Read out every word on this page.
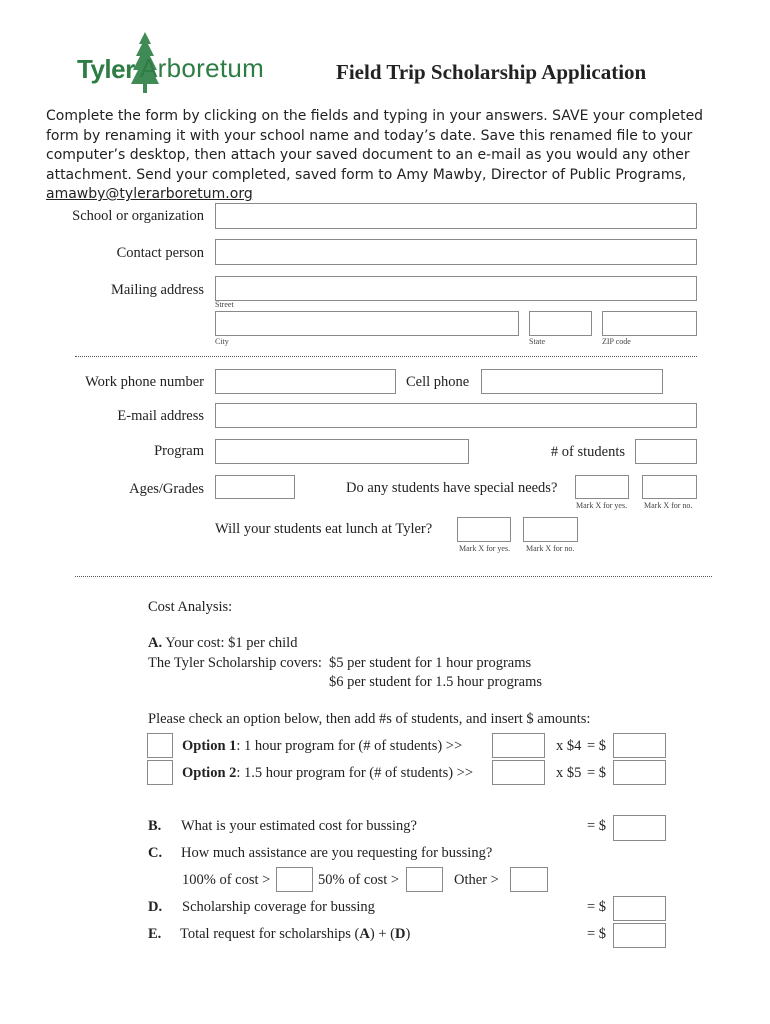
Tyler Arboretum	Field Trip Scholarship Application
Complete the form by clicking on the fields and typing in your answers. SAVE your completed form by renaming it with your school name and today’s date. Save this renamed file to your computer’s desktop, then attach your saved document to an e-mail as you would any other attachment. Send your completed, saved form to Amy Mawby, Director of Public Programs, amawby@tylerarboretum.org
School or organization
Contact person
Mailing address
Street
City	State	ZIP code
Work phone number	Cell phone
E-mail address
Program	# of students
Ages/Grades	Do any students have special needs?
Mark X for yes. Mark X for no.
Will your students eat lunch at Tyler?
Mark X for yes. Mark X for no.
Cost Analysis:
A. Your cost: $1 per child
The Tyler Scholarship covers: $5 per student for 1 hour programs
$6 per student for 1.5 hour programs
Please check an option below, then add #s of students, and insert $ amounts:
Option 1: 1 hour program for (# of students) >>	x $4 = $
Option 2: 1.5 hour program for (# of students) >>	x $5 = $
B. What is your estimated cost for bussing?	= $
C. How much assistance are you requesting for bussing?
100% of cost >	50% of cost >	Other >
D. Scholarship coverage for bussing	= $
E. Total request for scholarships (A) + (D)	= $
